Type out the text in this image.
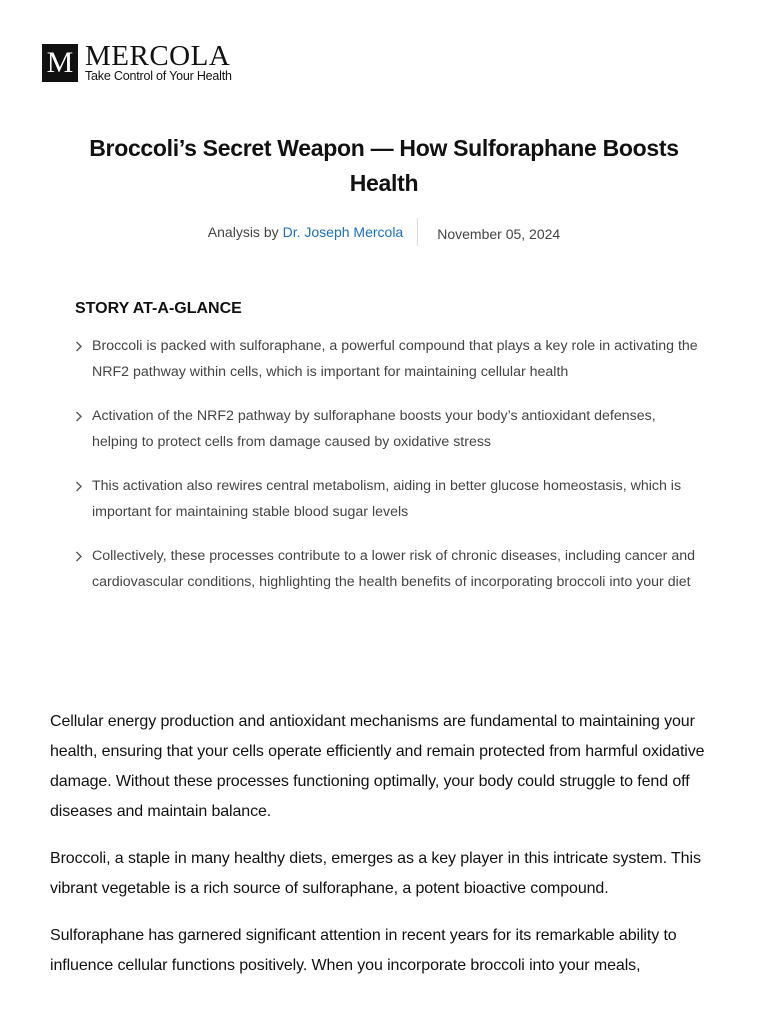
M MERCOLA
Take Control of Your Health
Broccoli’s Secret Weapon — How Sulforaphane Boosts Health
Analysis by Dr. Joseph Mercola	November 05, 2024
STORY AT-A-GLANCE
Broccoli is packed with sulforaphane, a powerful compound that plays a key role in activating the NRF2 pathway within cells, which is important for maintaining cellular health
Activation of the NRF2 pathway by sulforaphane boosts your body’s antioxidant defenses, helping to protect cells from damage caused by oxidative stress
This activation also rewires central metabolism, aiding in better glucose homeostasis, which is important for maintaining stable blood sugar levels
Collectively, these processes contribute to a lower risk of chronic diseases, including cancer and cardiovascular conditions, highlighting the health benefits of incorporating broccoli into your diet

Cellular energy production and antioxidant mechanisms are fundamental to maintaining your health, ensuring that your cells operate efficiently and remain protected from harmful oxidative damage. Without these processes functioning optimally, your body could struggle to fend off diseases and maintain balance.

Broccoli, a staple in many healthy diets, emerges as a key player in this intricate system. This vibrant vegetable is a rich source of sulforaphane, a potent bioactive compound.

Sulforaphane has garnered significant attention in recent years for its remarkable ability to influence cellular functions positively. When you incorporate broccoli into your meals,
